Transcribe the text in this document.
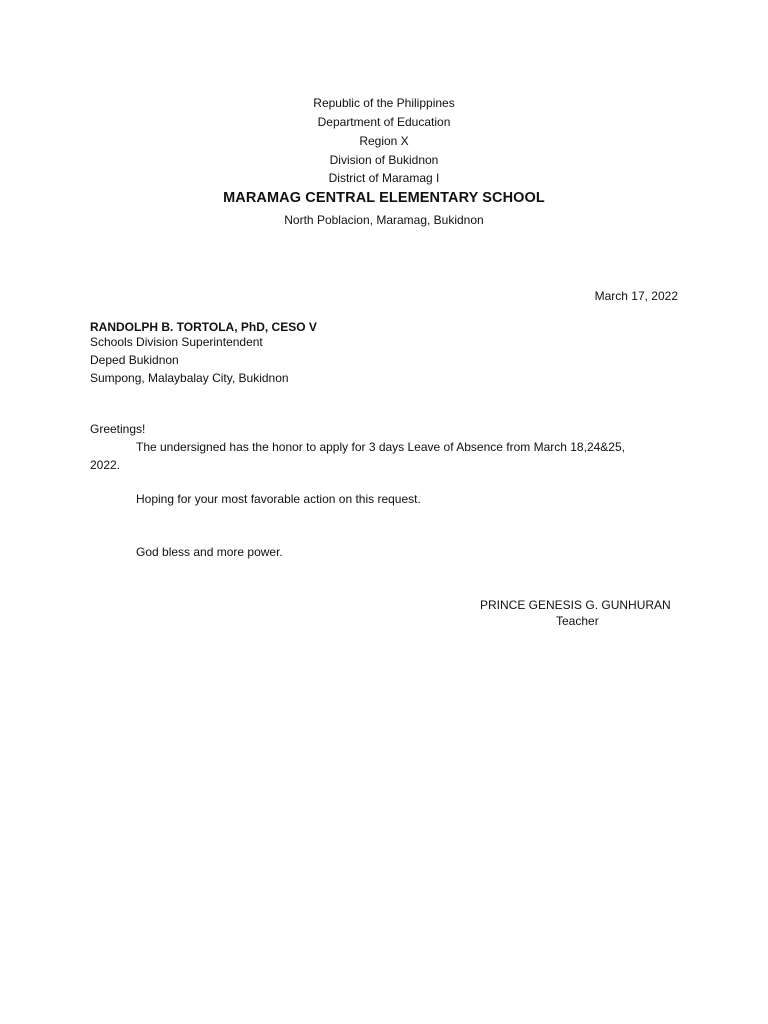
Republic of the Philippines
Department of Education
Region X
Division of Bukidnon
District of Maramag I
MARAMAG CENTRAL ELEMENTARY SCHOOL
North Poblacion, Maramag, Bukidnon
March 17, 2022
RANDOLPH B. TORTOLA, PhD, CESO V
Schools Division Superintendent
Deped Bukidnon
Sumpong, Malaybalay City, Bukidnon
Greetings!
The undersigned has the honor to apply for 3 days Leave of Absence from March 18,24&25,
2022.
Hoping for your most favorable action on this request.
God bless and more power.
PRINCE GENESIS G. GUNHURAN
Teacher
